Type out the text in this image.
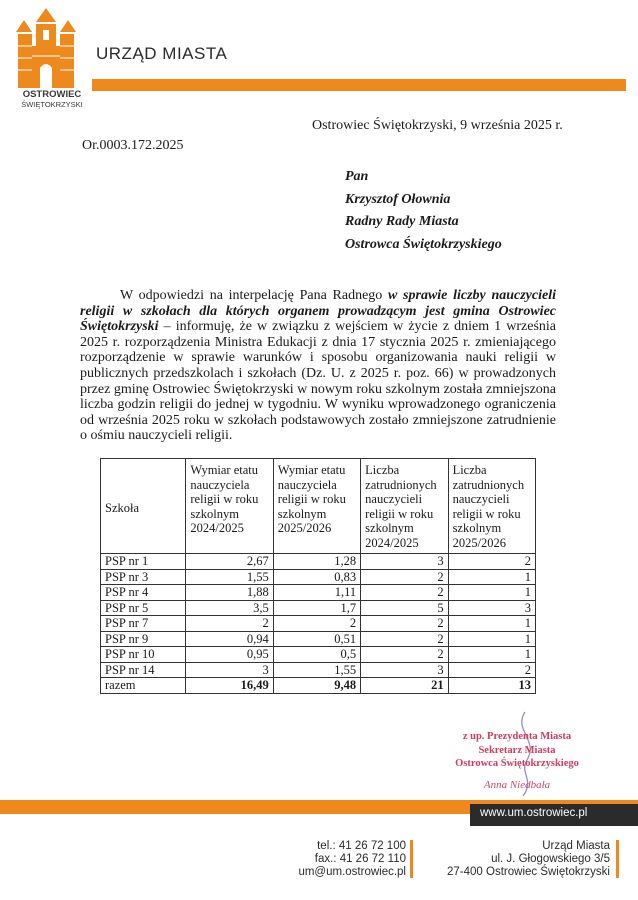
OSTROWIEC
ŚWIĘTOKRZYSKI
URZĄD MIASTA
Ostrowiec Świętokrzyski, 9 września 2025 r.
Or.0003.172.2025
Pan
Krzysztof Ołownia
Radny Rady Miasta
Ostrowca Świętokrzyskiego

W odpowiedzi na interpelację Pana Radnego w sprawie liczby nauczycieli religii w szkołach dla których organem prowadzącym jest gmina Ostrowiec Świętokrzyski – informuję, że w związku z wejściem w życie z dniem 1 września 2025 r. rozporządzenia Ministra Edukacji z dnia 17 stycznia 2025 r. zmieniającego rozporządzenie w sprawie warunków i sposobu organizowania nauki religii w publicznych przedszkolach i szkołach (Dz. U. z 2025 r. poz. 66) w prowadzonych przez gminę Ostrowiec Świętokrzyski w nowym roku szkolnym została zmniejszona liczba godzin religii do jednej w tygodniu. W wyniku wprowadzonego ograniczenia od września 2025 roku w szkołach podstawowych zostało zmniejszone zatrudnienie o ośmiu nauczycieli religii.

Szkoła	Wymiar etatu nauczyciela religii w roku szkolnym 2024/2025	Wymiar etatu nauczyciela religii w roku szkolnym 2025/2026	Liczba zatrudnionych nauczycieli religii w roku szkolnym 2024/2025	Liczba zatrudnionych nauczycieli religii w roku szkolnym 2025/2026
PSP nr 1	2,67	1,28	3	2
PSP nr 3	1,55	0,83	2	1
PSP nr 4	1,88	1,11	2	1
PSP nr 5	3,5	1,7	5	3
PSP nr 7	2	2	2	1
PSP nr 9	0,94	0,51	2	1
PSP nr 10	0,95	0,5	2	1
PSP nr 14	3	1,55	3	2
razem	16,49	9,48	21	13
z up. Prezydenta Miasta
Sekretarz Miasta
Ostrowca Świętokrzyskiego
Anna Niedbała
www.um.ostrowiec.pl
tel.: 41 26 72 100
fax.: 41 26 72 110
um@um.ostrowiec.pl
Urząd Miasta
ul. J. Głogowskiego 3/5
27-400 Ostrowiec Świętokrzyski
